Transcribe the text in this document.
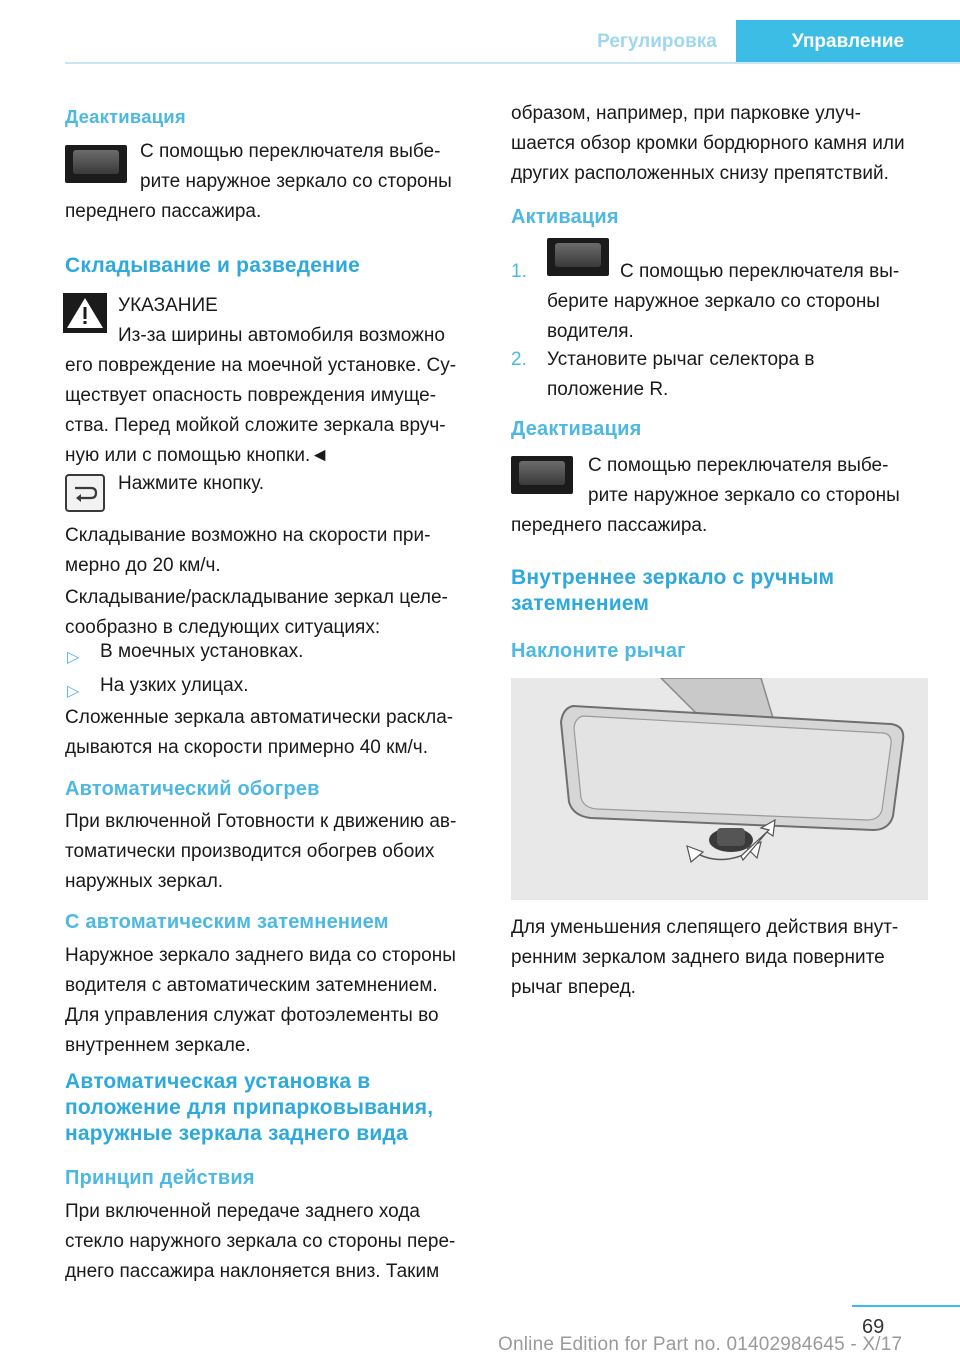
Регулировка	Управление
Деактивация
С помощью переключателя выбе-
рите наружное зеркало со стороны
переднего пассажира.
Складывание и разведение
УКАЗАНИЕ
Из-за ширины автомобиля возможно
его повреждение на моечной установке. Су-
ществует опасность повреждения имуще-
ства. Перед мойкой сложите зеркала вруч-
ную или с помощью кнопки.◄
Нажмите кнопку.
Складывание возможно на скорости при-
мерно до 20 км/ч.
Складывание/раскладывание зеркал целе-
сообразно в следующих ситуациях:
▷ В моечных установках.
▷ На узких улицах.
Сложенные зеркала автоматически раскла-
дываются на скорости примерно 40 км/ч.
Автоматический обогрев
При включенной Готовности к движению ав-
томатически производится обогрев обоих
наружных зеркал.
С автоматическим затемнением
Наружное зеркало заднего вида со стороны
водителя с автоматическим затемнением.
Для управления служат фотоэлементы во
внутреннем зеркале.
Автоматическая установка в
положение для припарковывания,
наружные зеркала заднего вида
Принцип действия
При включенной передаче заднего хода
стекло наружного зеркала со стороны пере-
днего пассажира наклоняется вниз. Таким
образом, например, при парковке улуч-
шается обзор кромки бордюрного камня или
других расположенных снизу препятствий.
Активация
1.	С помощью переключателя вы-
берите наружное зеркало со стороны
водителя.
2. Установите рычаг селектора в
положение R.
Деактивация
С помощью переключателя выбе-
рите наружное зеркало со стороны
переднего пассажира.
Внутреннее зеркало с ручным
затемнением
Наклоните рычаг
Для уменьшения слепящего действия внут-
ренним зеркалом заднего вида поверните
рычаг вперед.
69
Online Edition for Part no. 01402984645 - X/17
